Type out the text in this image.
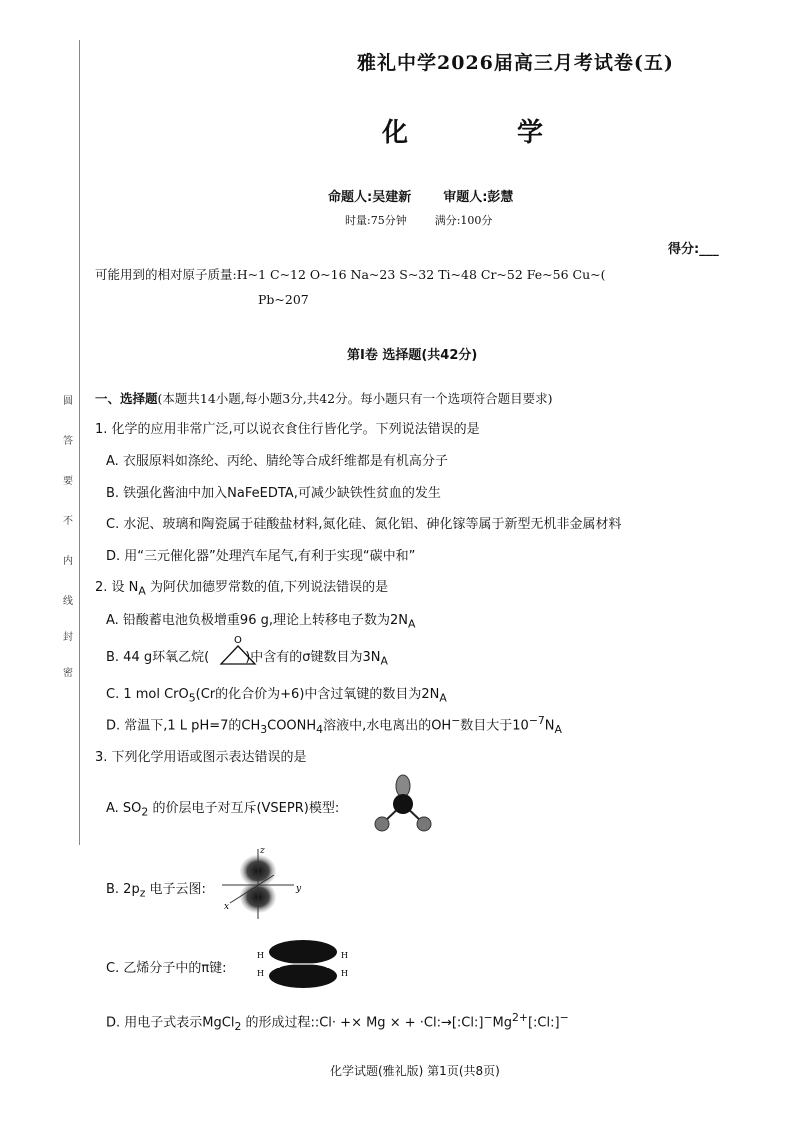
圆
答
要
不
内
线
封
密
雅礼中学2026届高三月考试卷(五)
化 学
命题人:吴建新 审题人:彭慧
时量:75分钟	满分:100分
得分:___
可能用到的相对原子质量:H~1 C~12 O~16 Na~23 S~32 Ti~48 Cr~52 Fe~56 Cu~(
Pb~207
第Ⅰ卷 选择题(共42分)
一、选择题(本题共14小题,每小题3分,共42分。每小题只有一个选项符合题目要求)
1. 化学的应用非常广泛,可以说衣食住行皆化学。下列说法错误的是
A. 衣服原料如涤纶、丙纶、腈纶等合成纤维都是有机高分子
B. 铁强化酱油中加入NaFeEDTA,可减少缺铁性贫血的发生
C. 水泥、玻璃和陶瓷属于硅酸盐材料,氮化硅、氮化铝、砷化镓等属于新型无机非金属材料
D. 用“三元催化器”处理汽车尾气,有利于实现“碳中和”
2. 设 $N_A$ 为阿伏加德罗常数的值,下列说法错误的是
A. 铅酸蓄电池负极增重96 g,理论上转移电子数为$2N_A$
B. 44 g环氧乙烷(	)中含有的σ键数目为$3N_A$
O
C. 1 mol CrO$_5$(Cr的化合价为+6)中含过氧键的数目为$2N_A$
D. 常温下,1 L pH=7的$CH_3COONH_4$溶液中,水电离出的OH−数目大于$10^{-7}N_A$
3. 下列化学用语或图示表达错误的是
A. $SO_2$ 的价层电子对互斥(VSEPR)模型:
B. $2p_z$ 电子云图:
z
y
x
C. 乙烯分子中的π键:	C	C
H
H
H
H
D. 用电子式表示MgCl$_2$ 的形成过程::Cl· +× Mg × + $\cdot Cl:\to[:Cl:]^-Mg^{2+}[:Cl:]^-$
化学试题(雅礼版) 第1页(共8页)
